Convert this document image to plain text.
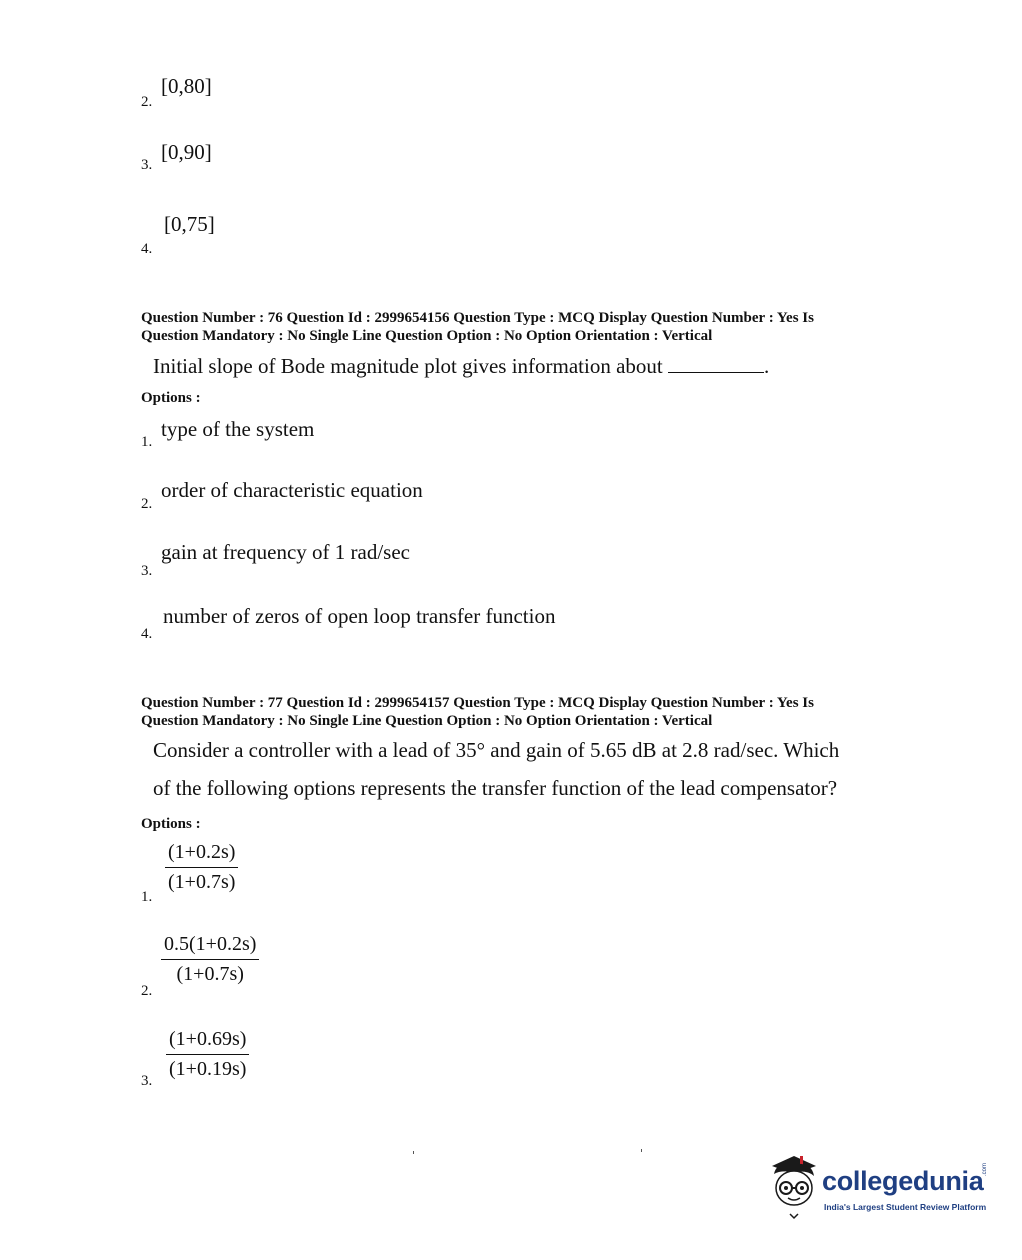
2.
[0,80]
3.
[0,90]
4.
[0,75]
Question Number : 76 Question Id : 2999654156 Question Type : MCQ Display Question Number : Yes Is
Question Mandatory : No Single Line Question Option : No Option Orientation : Vertical
Initial slope of Bode magnitude plot gives information about	.
Options :
1.
type of the system
2.
order of characteristic equation
3.
gain at frequency of 1 rad/sec
4.
number of zeros of open loop transfer function
Question Number : 77 Question Id : 2999654157 Question Type : MCQ Display Question Number : Yes Is
Question Mandatory : No Single Line Question Option : No Option Orientation : Vertical
Consider a controller with a lead of 35° and gain of 5.65 dB at 2.8 rad/sec. Which
of the following options represents the transfer function of the lead compensator?
Options :
1.
$\frac{(1+0.2s)}{(1+0.7s)}$
2.
$\frac{0.5(1+0.2s)}{(1+0.7s)}$
3. $\frac{(1+0.69s)}{(1+0.19s)}$
collegedunia
.com
India's Largest Student Review Platform
